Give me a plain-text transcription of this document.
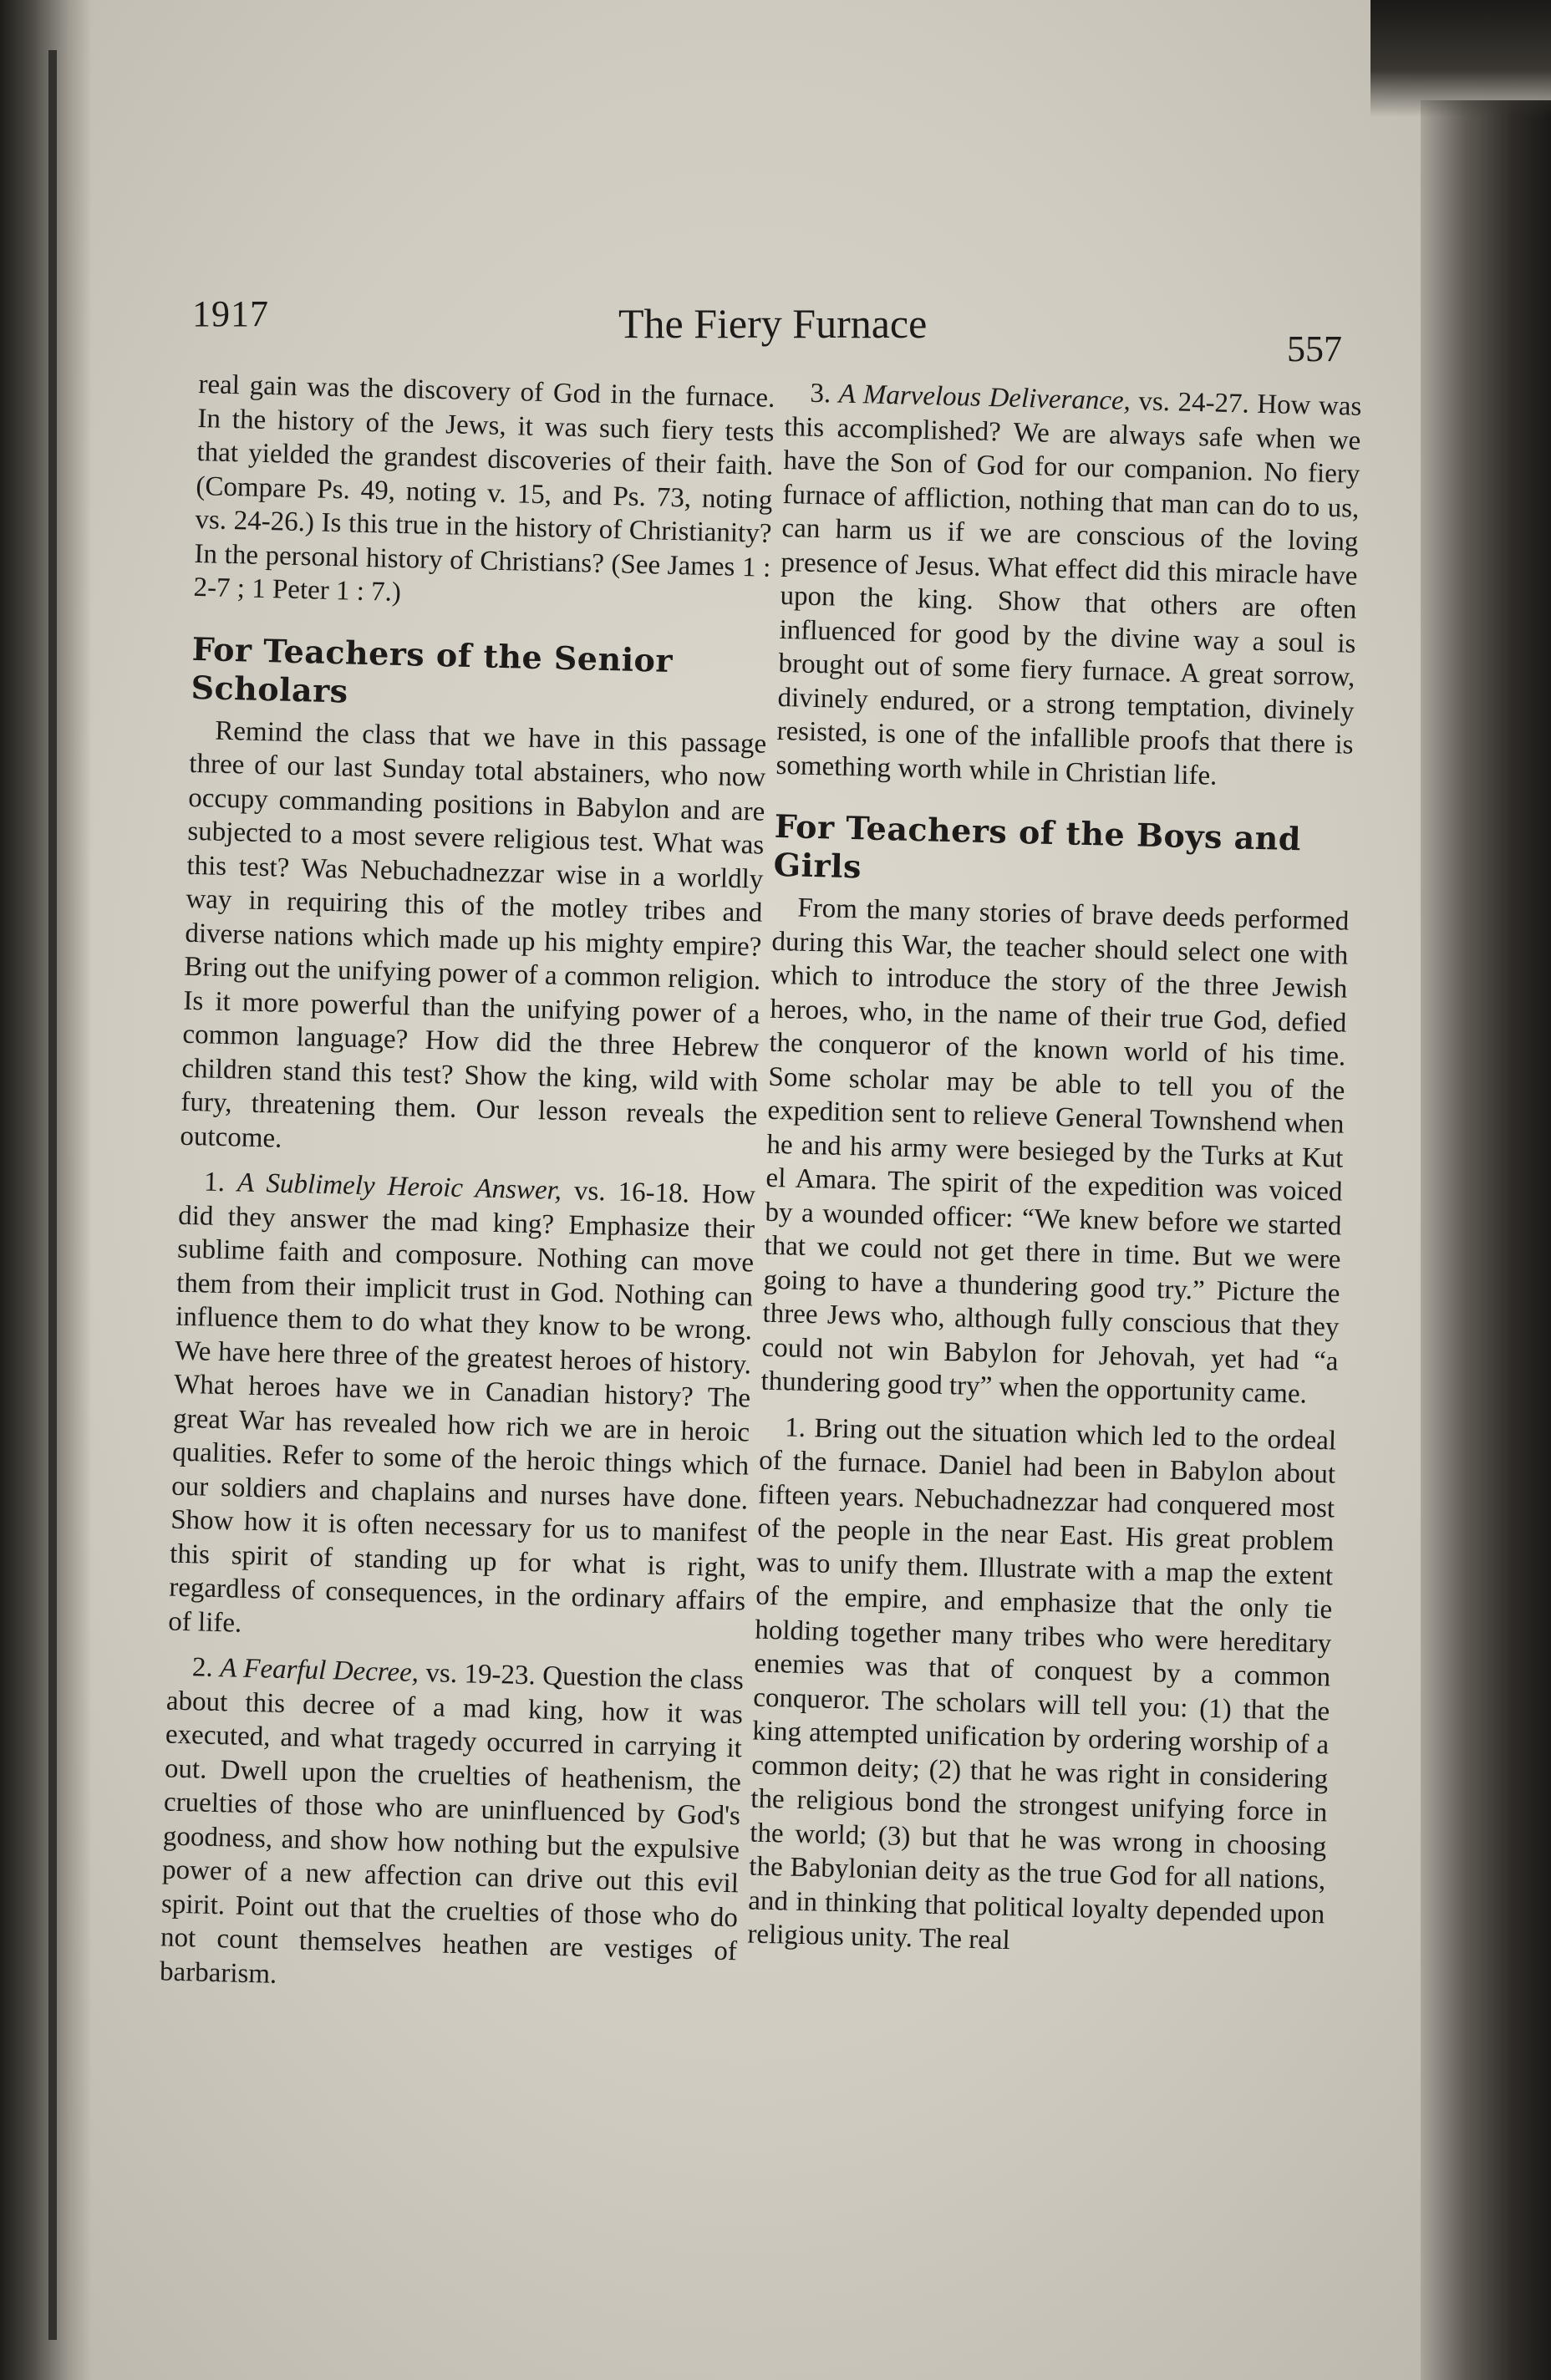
1917	The Fiery Furnace
557

real gain was the discovery of God in the furnace. In the history of the Jews, it was such fiery tests that yielded the grandest discoveries of their faith. (Compare Ps. 49, noting v. 15, and Ps. 73, noting vs. 24-26.) Is this true in the history of Christianity? In the personal history of Christians? (See James 1 : 2-7 ; 1 Peter 1 : 7.)

For Teachers of the Senior Scholars

Remind the class that we have in this passage three of our last Sunday total abstainers, who now occupy commanding positions in Babylon and are subjected to a most severe religious test. What was this test? Was Nebuchadnezzar wise in a worldly way in requiring this of the motley tribes and diverse nations which made up his mighty empire? Bring out the unifying power of a common religion. Is it more powerful than the unifying power of a common language? How did the three Hebrew children stand this test? Show the king, wild with fury, threatening them. Our lesson reveals the outcome.

1. A Sublimely Heroic Answer, vs. 16-18. How did they answer the mad king? Emphasize their sublime faith and composure. Nothing can move them from their implicit trust in God. Nothing can influence them to do what they know to be wrong. We have here three of the greatest heroes of history. What heroes have we in Canadian history? The great War has revealed how rich we are in heroic qualities. Refer to some of the heroic things which our soldiers and chaplains and nurses have done. Show how it is often necessary for us to manifest this spirit of standing up for what is right, regardless of consequences, in the ordinary affairs of life.

2. A Fearful Decree, vs. 19-23. Question the class about this decree of a mad king, how it was executed, and what tragedy occurred in carrying it out. Dwell upon the cruelties of heathenism, the cruelties of those who are uninfluenced by God's goodness, and show how nothing but the expulsive power of a new affection can drive out this evil spirit. Point out that the cruelties of those who do not count themselves heathen are vestiges of barbarism.

3. A Marvelous Deliverance, vs. 24-27. How was this accomplished? We are always safe when we have the Son of God for our companion. No fiery furnace of affliction, nothing that man can do to us, can harm us if we are conscious of the loving presence of Jesus. What effect did this miracle have upon the king. Show that others are often influenced for good by the divine way a soul is brought out of some fiery furnace. A great sorrow, divinely endured, or a strong temptation, divinely resisted, is one of the infallible proofs that there is something worth while in Christian life.

For Teachers of the Boys and Girls

From the many stories of brave deeds performed during this War, the teacher should select one with which to introduce the story of the three Jewish heroes, who, in the name of their true God, defied the conqueror of the known world of his time. Some scholar may be able to tell you of the expedition sent to relieve General Townshend when he and his army were besieged by the Turks at Kut el Amara. The spirit of the expedition was voiced by a wounded officer: “We knew before we started that we could not get there in time. But we were going to have a thundering good try.” Picture the three Jews who, although fully conscious that they could not win Babylon for Jehovah, yet had “a thundering good try” when the opportunity came.

1. Bring out the situation which led to the ordeal of the furnace. Daniel had been in Babylon about fifteen years. Nebuchadnezzar had conquered most of the people in the near East. His great problem was to unify them. Illustrate with a map the extent of the empire, and emphasize that the only tie holding together many tribes who were hereditary enemies was that of conquest by a common conqueror. The scholars will tell you: (1) that the king attempted unification by ordering worship of a common deity; (2) that he was right in considering the religious bond the strongest unifying force in the world; (3) but that he was wrong in choosing the Babylonian deity as the true God for all nations, and in thinking that political loyalty depended upon religious unity. The real
